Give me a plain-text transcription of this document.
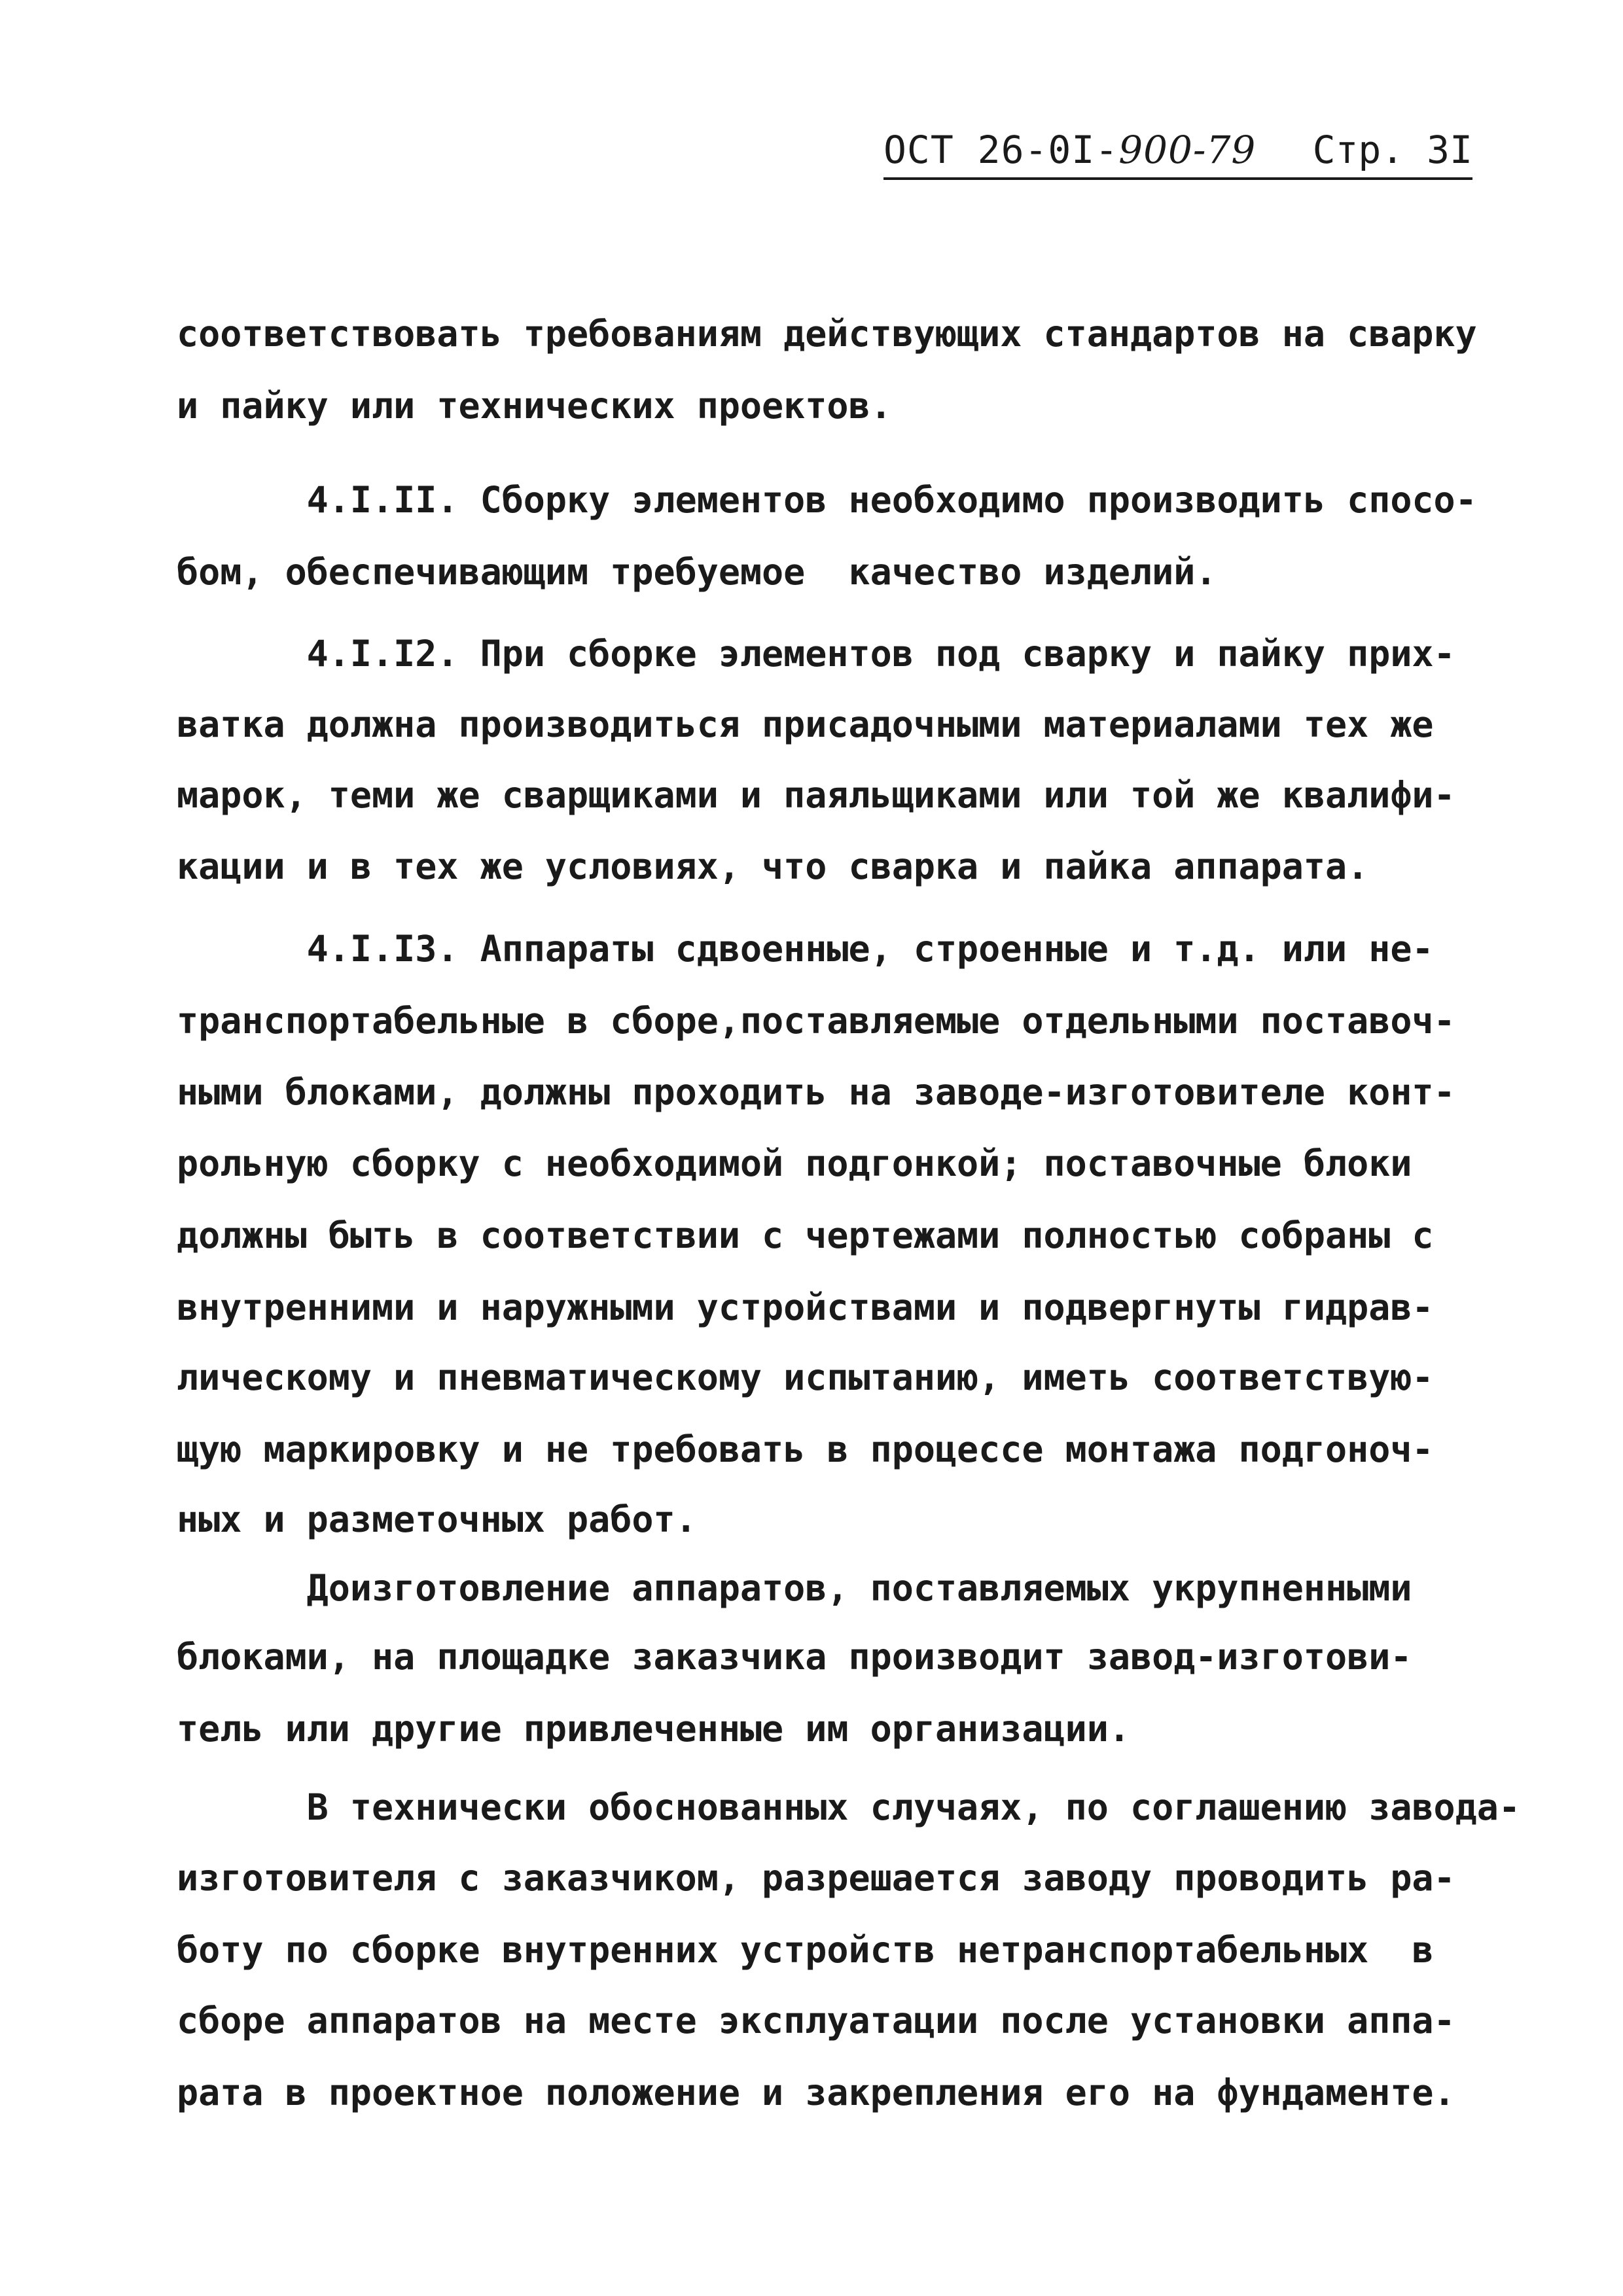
ОСТ 26-0I-900-79 Стр. 3I
соответствовать требованиям действующих стандартов на сварку
и пайку или технических проектов.
4.I.II. Сборку элементов необходимо производить спосо-
бом, обеспечивающим требуемое  качество изделий.
4.I.I2. При сборке элементов под сварку и пайку прих-
ватка должна производиться присадочными материалами тех же
марок, теми же сварщиками и паяльщиками или той же квалифи-
кации и в тех же условиях, что сварка и пайка аппарата.
4.I.I3. Аппараты сдвоенные, строенные и т.д. или не-
транспортабельные в сборе,поставляемые отдельными поставоч-
ными блоками, должны проходить на заводе-изготовителе конт-
рольную сборку с необходимой подгонкой; поставочные блоки
должны быть в соответствии с чертежами полностью собраны с
внутренними и наружными устройствами и подвергнуты гидрав-
лическому и пневматическому испытанию, иметь соответствую-
щую маркировку и не требовать в процессе монтажа подгоноч-
ных и разметочных работ.
Доизготовление аппаратов, поставляемых укрупненными
блоками, на площадке заказчика производит завод-изготови-
тель или другие привлеченные им организации.
В технически обоснованных случаях, по соглашению завода-
изготовителя с заказчиком, разрешается заводу проводить ра-
боту по сборке внутренних устройств нетранспортабельных  в
сборе аппаратов на месте эксплуатации после установки аппа-
рата в проектное положение и закрепления его на фундаменте.
